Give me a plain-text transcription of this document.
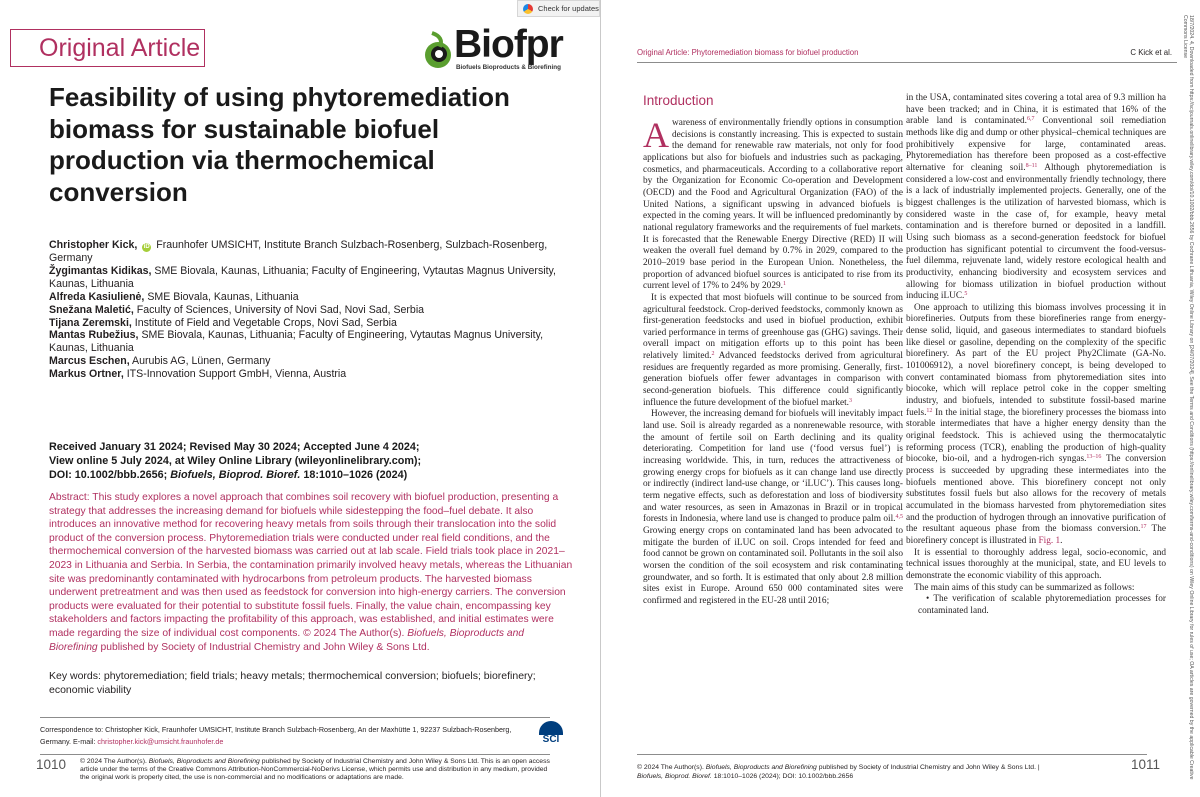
Check for updates
Original Article	Biofpr
Biofuels Bioproducts & Biorefining
Feasibility of using phytoremediation biomass for sustainable biofuel production via thermochemical conversion
Christopher Kick, iD Fraunhofer UMSICHT, Institute Branch Sulzbach-Rosenberg, Sulzbach-Rosenberg, Germany
Žygimantas Kidikas, SME Biovala, Kaunas, Lithuania; Faculty of Engineering, Vytautas Magnus University, Kaunas, Lithuania
Alfreda Kasiulienė, SME Biovala, Kaunas, Lithuania
Snežana Maletić, Faculty of Sciences, University of Novi Sad, Novi Sad, Serbia
Tijana Zeremski, Institute of Field and Vegetable Crops, Novi Sad, Serbia
Mantas Rubežius, SME Biovala, Kaunas, Lithuania; Faculty of Engineering, Vytautas Magnus University, Kaunas, Lithuania
Marcus Eschen, Aurubis AG, Lünen, Germany
Markus Ortner, ITS-Innovation Support GmbH, Vienna, Austria
Received January 31 2024; Revised May 30 2024; Accepted June 4 2024;
View online 5 July 2024, at Wiley Online Library (wileyonlinelibrary.com);
DOI: 10.1002/bbb.2656; Biofuels, Bioprod. Bioref. 18:1010–1026 (2024)
Abstract: This study explores a novel approach that combines soil recovery with biofuel production, presenting a strategy that addresses the increasing demand for biofuels while sidestepping the food–fuel debate. It also introduces an innovative method for recovering heavy metals from soils through their translocation into the solid product of the conversion process. Phytoremediation trials were conducted under real field conditions, and the thermochemical conversion of the harvested biomass was carried out at lab scale. Field trials took place in 2021–2023 in Lithuania and Serbia. In Serbia, the contamination primarily involved heavy metals, whereas the Lithuanian site was predominantly contaminated with hydrocarbons from petroleum products. The harvested biomass underwent pretreatment and was then used as feedstock for conversion into high-energy carriers. The conversion products were evaluated for their potential to substitute fossil fuels. Finally, the value chain, encompassing key stakeholders and factors impacting the profitability of this approach, was established, and initial estimates were made regarding the size of individual cost components. © 2024 The Author(s). Biofuels, Bioproducts and Biorefining published by Society of Industrial Chemistry and John Wiley & Sons Ltd.
Key words: phytoremediation; field trials; heavy metals; thermochemical conversion; biofuels; biorefinery; economic viability
Correspondence to: Christopher Kick, Fraunhofer UMSICHT, Institute Branch Sulzbach-Rosenberg, An der Maxhütte 1, 92237 Sulzbach-Rosenberg, Germany. E-mail: christopher.kick@umsicht.fraunhofer.de	SCI
1010 © 2024 The Author(s). Biofuels, Bioproducts and Biorefining published by Society of Industrial Chemistry and John Wiley & Sons Ltd. This is an open access article under the terms of the Creative Commons Attribution-NonCommercial-NoDerivs License, which permits use and distribution in any medium, provided the original work is properly cited, the use is non-commercial and no modifications or adaptations are made.
Original Article: Phytoremediation biomass for biofuel production	C Kick et al.
Introduction

Awareness of environmentally friendly options in consumption decisions is constantly increasing. This is expected to sustain the demand for renewable raw materials, not only for food applications but also for biofuels and industries such as packaging, cosmetics, and pharmaceuticals. According to a collaborative report by the Organization for Economic Co-operation and Development (OECD) and the Food and Agricultural Organization (FAO) of the United Nations, a significant upswing in advanced biofuels is expected in the coming years. It will be influenced predominantly by national regulatory frameworks and the requirements of fuel markets. It is forecasted that the Renewable Energy Directive (RED) II will weaken the overall fuel demand by 0.7% in 2029, compared to the 2010–2019 base period in the European Union. Nonetheless, the proportion of advanced biofuel sources is anticipated to rise from its current level of 17% to 24% by 2029.$^1$

It is expected that most biofuels will continue to be sourced from agricultural feedstock. Crop-derived feedstocks, commonly known as first-generation feedstocks and used in biofuel production, exhibit varied performance in terms of greenhouse gas (GHG) savings. Their overall impact on mitigation efforts up to this point has been relatively limited.$^2$ Advanced feedstocks derived from agricultural residues are frequently regarded as more promising. Generally, first-generation biofuels offer fewer advantages in comparison with second-generation biofuels. This difference could significantly influence the future development of the biofuel market.$^3$

However, the increasing demand for biofuels will inevitably impact land use. Soil is already regarded as a nonrenewable resource, with the amount of fertile soil on Earth declining and its quality deteriorating. Competition for land use (‘food versus fuel’) is increasing worldwide. This, in turn, reduces the attractiveness of growing energy crops for biofuels as it can change land use directly or indirectly (indirect land-use change, or ‘iLUC’). This causes long-term negative effects, such as deforestation and loss of biodiversity and water resources, as seen in Amazonas in Brazil or in tropical forests in Indonesia, where land use is changed to produce palm oil.$^{4,5}$ Growing energy crops on contaminated land has been advocated to mitigate the burden of iLUC on soil. Crops intended for feed and food cannot be grown on contaminated soil. Pollutants in the soil also worsen the condition of the soil ecosystem and risk contaminating groundwater, and so forth. It is estimated that only about 2.8 million sites exist in Europe. Around 650 000 contaminated sites were confirmed and registered in the EU-28 until 2016;

in the USA, contaminated sites covering a total area of 9.3 million ha have been tracked; and in China, it is estimated that 16% of the arable land is contaminated.$^{6,7}$ Conventional soil remediation methods like dig and dump or other physical–chemical techniques are prohibitively expensive for large, contaminated areas. Phytoremediation has therefore been proposed as a cost-effective alternative for cleaning soil.$^{8-11}$ Although phytoremediation is considered a low-cost and environmentally friendly technology, there is a lack of industrially implemented projects. Generally, one of the biggest challenges is the utilization of harvested biomass, which is considered waste in the case of, for example, heavy metal contamination and is therefore burned or deposited in a landfill. Using such biomass as a second-generation feedstock for biofuel production has significant potential to circumvent the food-versus-fuel dilemma, rejuvenate land, widely restore ecological health and productivity, enhancing biodiversity and ecosystem services and allowing for biomass utilization in biofuel production without inducing iLUC.$^5$

One approach to utilizing this biomass involves processing it in biorefineries. Outputs from these biorefineries range from energy-dense solid, liquid, and gaseous intermediates to standard biofuels like diesel or gasoline, depending on the complexity of the specific biorefinery. As part of the EU project Phy2Climate (GA-No. 101006912), a novel biorefinery concept, is being developed to convert contaminated biomass from phytoremediation sites into biocoke, which will replace petrol coke in the copper smelting industry, and biofuels, intended to substitute fossil-based marine fuels.$^{12}$ In the initial stage, the biorefinery processes the biomass into storable intermediates that have a higher energy density than the original feedstock. This is achieved using the thermocatalytic reforming process (TCR), enabling the production of high-quality biocoke, bio-oil, and a hydrogen-rich syngas.$^{13-16}$ The conversion process is succeeded by upgrading these intermediates into the biofuels mentioned above. This biorefinery concept not only substitutes fossil fuels but also allows for the recovery of metals accumulated in the biomass harvested from phytoremediation sites and the production of hydrogen through an innovative purification of the resultant aqueous phase from the biomass conversion.$^{17}$ The biorefinery concept is illustrated in Fig. 1.

It is essential to thoroughly address legal, socio-economic, and technical issues thoroughly at the municipal, state, and EU levels to demonstrate the economic viability of this approach.

The main aims of this study can be summarized as follows:

• The verification of scalable phytoremediation processes for contaminated land.

© 2024 The Author(s). Biofuels, Bioproducts and Biorefining published by Society of Industrial Chemistry and John Wiley & Sons Ltd. |
Biofuels, Bioprod. Bioref. 18:1010–1026 (2024); DOI: 10.1002/bbb.2656
1011	18/7/2024. 4, Downloaded from https://scijournals.onlinelibrary.wiley.com/doi/10.1002/bbb.2656 by Cochrane Lithuania, Wiley Online Library on [24/07/2024]. See the Terms and Conditions (https://onlinelibrary.wiley.com/terms-and-conditions) on Wiley Online Library for rules of use; OA articles are governed by the applicable Creative Commons License
